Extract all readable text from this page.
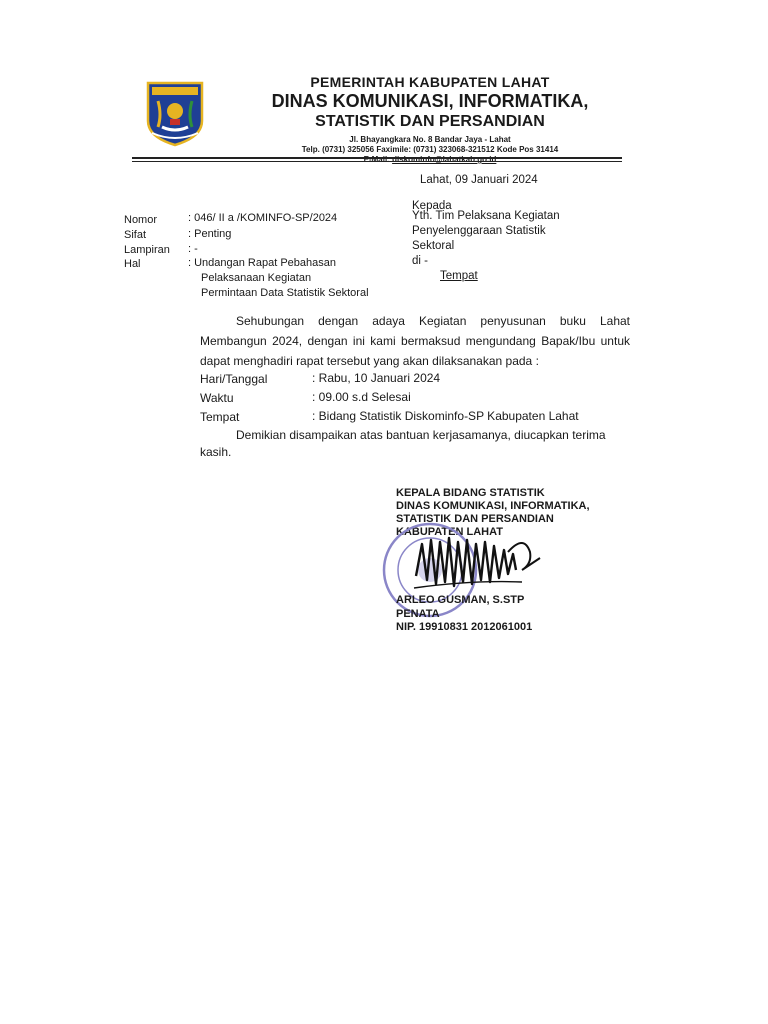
PEMERINTAH KABUPATEN LAHAT
DINAS KOMUNIKASI, INFORMATIKA,
STATISTIK DAN PERSANDIAN
Jl. Bhayangkara No. 8 Bandar Jaya - Lahat
Telp. (0731) 325056 Faximile: (0731) 323068-321512 Kode Pos 31414
E-Mail: diskominfo@lahatkab.go.id
Lahat, 09 Januari 2024
Kepada
Yth. Tim Pelaksana Kegiatan
Penyelenggaraan Statistik
Sektoral
di -
Tempat
Nomor	: 046/ II a /KOMINFO-SP/2024
Sifat	: Penting
Lampiran : -
Hal	: Undangan Rapat Pebahasan
Pelaksanaan Kegiatan
Permintaan Data Statistik Sektoral
Sehubungan dengan adaya Kegiatan penyusunan buku Lahat Membangun 2024, dengan ini kami bermaksud mengundang Bapak/Ibu untuk dapat menghadiri rapat tersebut yang akan dilaksanakan pada :
Hari/Tanggal	: Rabu, 10 Januari 2024
Waktu	: 09.00 s.d Selesai
Tempat	: Bidang Statistik Diskominfo-SP Kabupaten Lahat
Demikian disampaikan atas bantuan kerjasamanya, diucapkan terima
kasih.
KEPALA BIDANG STATISTIK
DINAS KOMUNIKASI, INFORMATIKA,
STATISTIK DAN PERSANDIAN
KABUPATEN LAHAT
ARLEO GUSMAN, S.STP
PENATA
NIP. 19910831 2012061001
